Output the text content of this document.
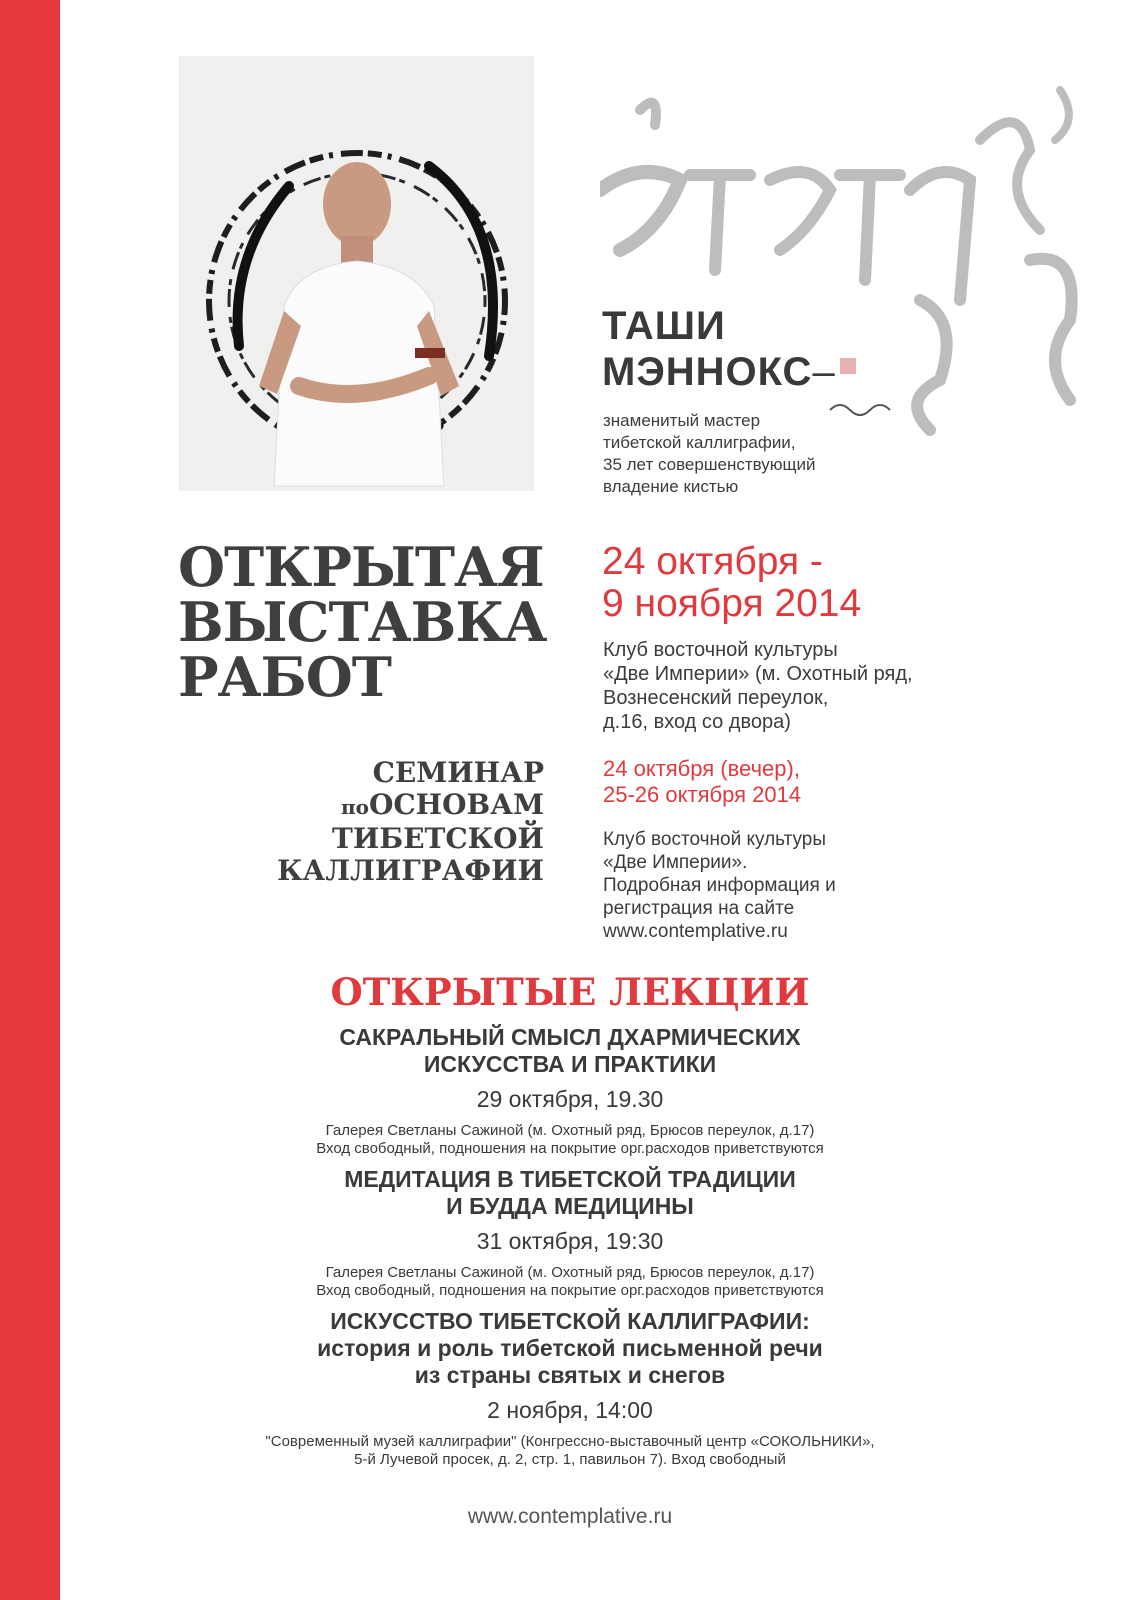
ТАШИ
МЭННОКС–
знаменитый мастер
тибетской каллиграфии,
35 лет совершенствующий
владение кистью
ОТКРЫТАЯ
ВЫСТАВКА
РАБОТ
24 октября -
9 ноября 2014
Клуб восточной культуры
«Две Империи» (м. Охотный ряд,
Вознесенский переулок,
д.16, вход со двора)
СЕМИНАР
поОСНОВАМ
ТИБЕТСКОЙ
КАЛЛИГРАФИИ
24 октября (вечер),
25-26 октября 2014
Клуб восточной культуры
«Две Империи».
Подробная информация и
регистрация на сайте
www.contemplative.ru
ОТКРЫТЫЕ ЛЕКЦИИ
САКРАЛЬНЫЙ СМЫСЛ ДХАРМИЧЕСКИХ
ИСКУССТВА И ПРАКТИКИ
29 октября, 19.30
Галерея Светланы Сажиной (м. Охотный ряд, Брюсов переулок, д.17)
Вход свободный, подношения на покрытие орг.расходов приветствуются
МЕДИТАЦИЯ В ТИБЕТСКОЙ ТРАДИЦИИ
И БУДДА МЕДИЦИНЫ
31 октября, 19:30
Галерея Светланы Сажиной (м. Охотный ряд, Брюсов переулок, д.17)
Вход свободный, подношения на покрытие орг.расходов приветствуются
ИСКУССТВО ТИБЕТСКОЙ КАЛЛИГРАФИИ:
история и роль тибетской письменной речи
из страны святых и снегов
2 ноября, 14:00
"Современный музей каллиграфии" (Конгрессно-выставочный центр «СОКОЛЬНИКИ»,
5-й Лучевой просек, д. 2, стр. 1, павильон 7). Вход свободный
www.contemplative.ru
